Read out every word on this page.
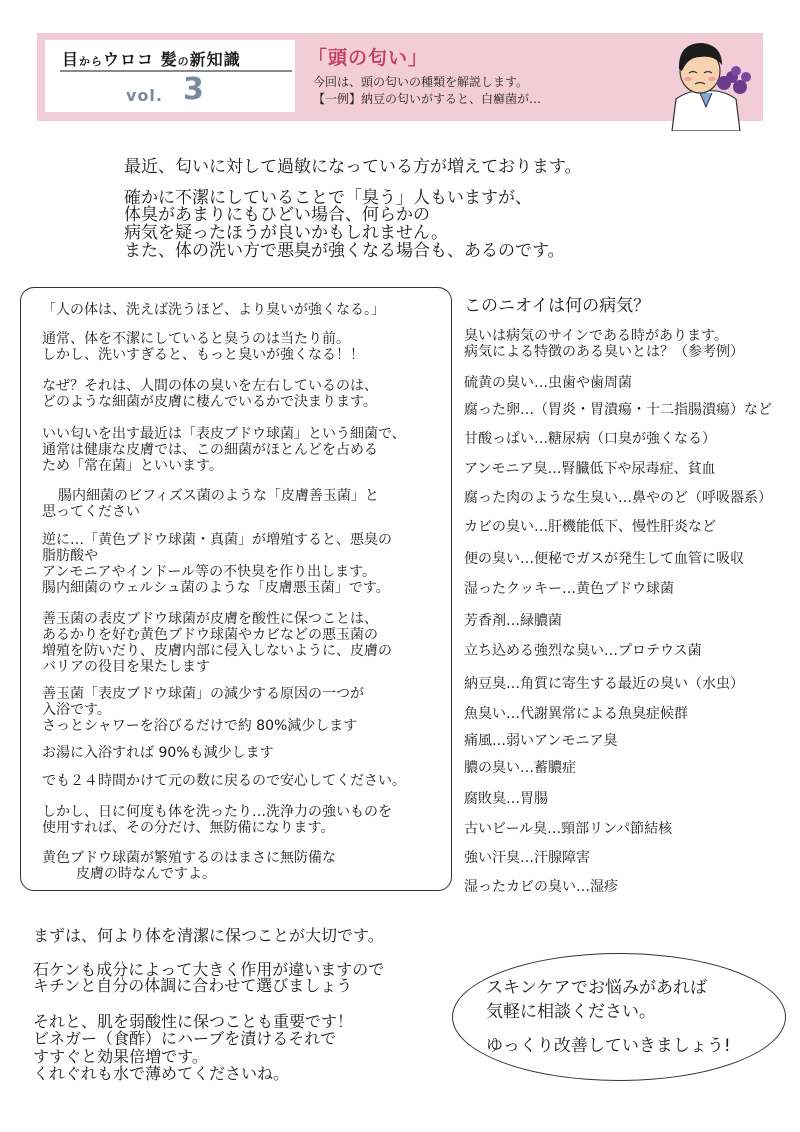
目からウロコ 髪の新知識
vol. 3
「頭の匂い」
今回は、頭の匂いの種類を解説します。
【一例】納豆の匂いがすると、白癬菌が…
最近、匂いに対して過敏になっている方が増えております。
確かに不潔にしていることで「臭う」人もいますが、
体臭があまりにもひどい場合、何らかの
病気を疑ったほうが良いかもしれません。
また、体の洗い方で悪臭が強くなる場合も、あるのです。
「人の体は、洗えば洗うほど、より臭いが強くなる。」
通常、体を不潔にしていると臭うのは当たり前。
しかし、洗いすぎると、もっと臭いが強くなる！！
なぜ？それは、人間の体の臭いを左右しているのは、
どのような細菌が皮膚に棲んでいるかで決まります。
いい匂いを出す最近は「表皮ブドウ球菌」という細菌で、
通常は健康な皮膚では、この細菌がほとんどを占める
ため「常在菌」といいます。
腸内細菌のビフィズス菌のような「皮膚善玉菌」と
思ってください
逆に…「黄色ブドウ球菌・真菌」が増殖すると、悪臭の
脂肪酸や
アンモニアやインドール等の不快臭を作り出します。
腸内細菌のウェルシュ菌のような「皮膚悪玉菌」です。
善玉菌の表皮ブドウ球菌が皮膚を酸性に保つことは、
あるかりを好む黄色ブドウ球菌やカビなどの悪玉菌の
増殖を防いだり、皮膚内部に侵入しないように、皮膚の
バリアの役目を果たします
善玉菌「表皮ブドウ球菌」の減少する原因の一つが
入浴です。
さっとシャワーを浴びるだけで約 80%減少します
お湯に入浴すれば 90%も減少します
でも２４時間かけて元の数に戻るので安心してください。
しかし、日に何度も体を洗ったり…洗浄力の強いものを
使用すれば、その分だけ、無防備になります。
黄色ブドウ球菌が繁殖するのはまさに無防備な
皮膚の時なんですよ。
このニオイは何の病気？
臭いは病気のサインである時があります。
病気による特徴のある臭いとは？（参考例）
硫黄の臭い…虫歯や歯周菌
腐った卵…（胃炎・胃潰瘍・十二指腸潰瘍）など
甘酸っぱい…糖尿病（口臭が強くなる）
アンモニア臭…腎臓低下や尿毒症、貧血
腐った肉のような生臭い…鼻やのど（呼吸器系）
カビの臭い…肝機能低下、慢性肝炎など
便の臭い…便秘でガスが発生して血管に吸収
湿ったクッキー…黄色ブドウ球菌
芳香剤…緑膿菌
立ち込める強烈な臭い…プロテウス菌
納豆臭…角質に寄生する最近の臭い（水虫）
魚臭い…代謝異常による魚臭症候群
痛風…弱いアンモニア臭
膿の臭い…蓄膿症
腐敗臭…胃腸
古いビール臭…頸部リンパ節結核
強い汗臭…汗腺障害
湿ったカビの臭い…湿疹
まずは、何より体を清潔に保つことが大切です。
石ケンも成分によって大きく作用が違いますので
キチンと自分の体調に合わせて選びましょう
それと、肌を弱酸性に保つことも重要です！
ビネガー（食酢）にハーブを漬けるそれで
すすぐと効果倍増です。
くれぐれも水で薄めてくださいね。
スキンケアでお悩みがあれば
気軽に相談ください。
ゆっくり改善していきましょう!
